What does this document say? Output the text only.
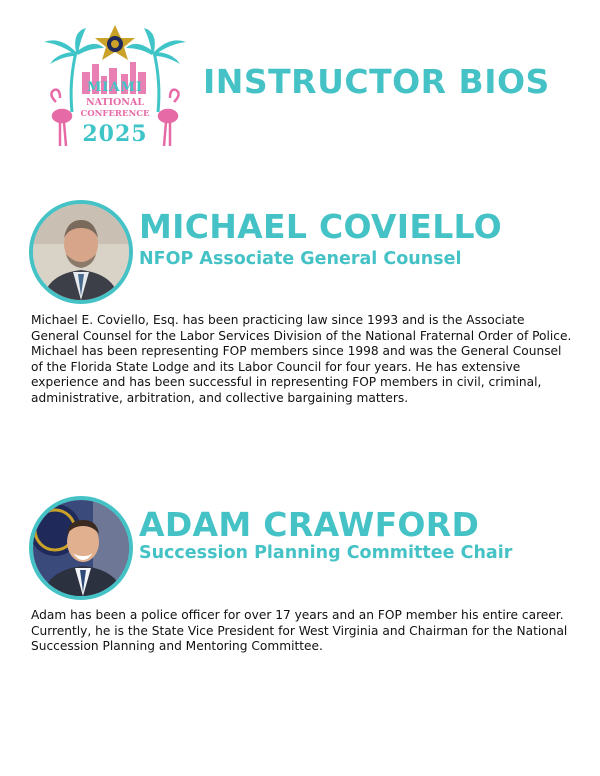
MIAMI
NATIONAL
CONFERENCE
2025
INSTRUCTOR BIOS
MICHAEL COVIELLO
NFOP Associate General Counsel

Michael E. Coviello, Esq. has been practicing law since 1993 and is the Associate General Counsel for the Labor Services Division of the National Fraternal Order of Police. Michael has been representing FOP members since 1998 and was the General Counsel of the Florida State Lodge and its Labor Council for four years. He has extensive experience and has been successful in representing FOP members in civil, criminal, administrative, arbitration, and collective bargaining matters.

ADAM CRAWFORD
Succession Planning Committee Chair

Adam has been a police officer for over 17 years and an FOP member his entire career. Currently, he is the State Vice President for West Virginia and Chairman for the National Succession Planning and Mentoring Committee.
